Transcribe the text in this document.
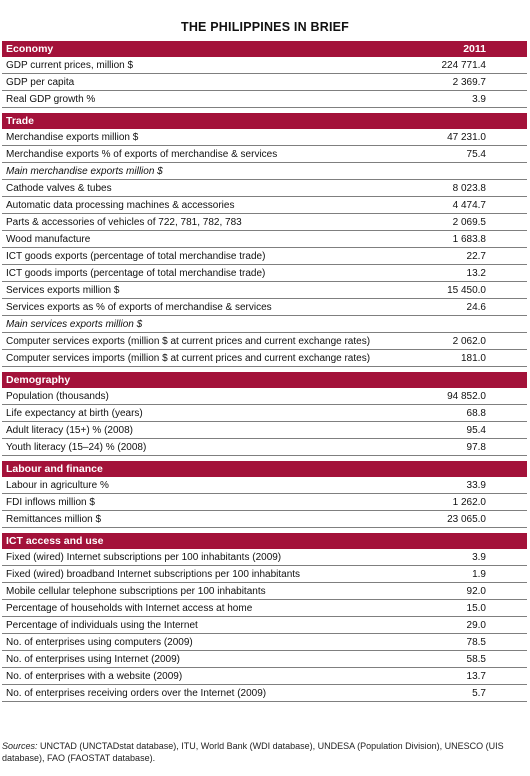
THE PHILIPPINES IN BRIEF
Economy	2011
GDP current prices, million $	224 771.4
GDP per capita	2 369.7
Real GDP growth %	3.9
Trade
Merchandise exports million $	47 231.0
Merchandise exports % of exports of merchandise & services	75.4
Main merchandise exports million $
Cathode valves & tubes	8 023.8
Automatic data processing machines & accessories	4 474.7
Parts & accessories of vehicles of 722, 781, 782, 783	2 069.5
Wood manufacture	1 683.8
ICT goods exports (percentage of total merchandise trade)	22.7
ICT goods imports (percentage of total merchandise trade)	13.2
Services exports million $	15 450.0
Services exports as % of exports of merchandise & services	24.6
Main services exports million $
Computer services exports (million $ at current prices and current exchange rates)	2 062.0
Computer services imports (million $ at current prices and current exchange rates)	181.0
Demography
Population (thousands)	94 852.0
Life expectancy at birth (years)	68.8
Adult literacy (15+) % (2008)	95.4
Youth literacy (15–24) % (2008)	97.8
Labour and finance
Labour in agriculture %	33.9
FDI inflows million $	1 262.0
Remittances million $	23 065.0
ICT access and use
Fixed (wired) Internet subscriptions per 100 inhabitants (2009)	3.9
Fixed (wired) broadband Internet subscriptions per 100 inhabitants	1.9
Mobile cellular telephone subscriptions per 100 inhabitants	92.0
Percentage of households with Internet access at home	15.0
Percentage of individuals using the Internet	29.0
No. of enterprises using computers (2009)	78.5
No. of enterprises using Internet (2009)	58.5
No. of enterprises with a website (2009)	13.7
No. of enterprises receiving orders over the Internet (2009)	5.7
Sources: UNCTAD (UNCTADstat database), ITU, World Bank (WDI database), UNDESA (Population Division), UNESCO (UIS database), FAO (FAOSTAT database).
